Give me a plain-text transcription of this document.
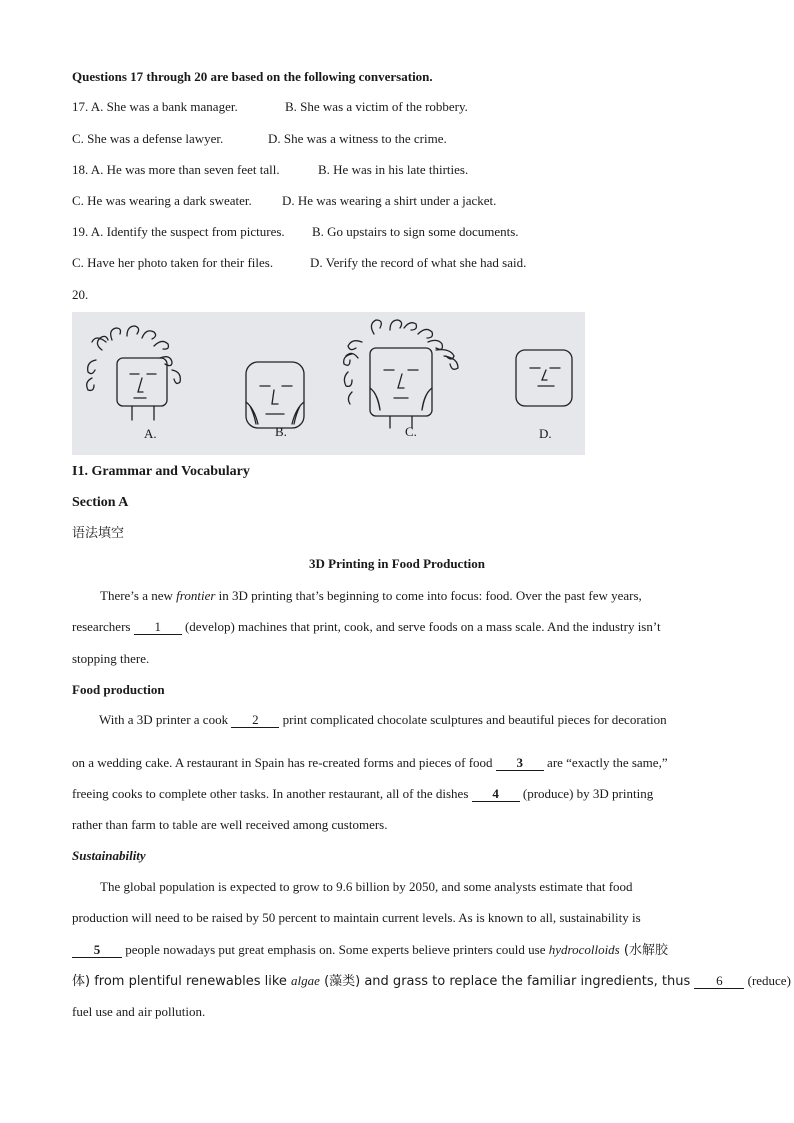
Questions 17 through 20 are based on the following conversation.
17. A. She was a bank manager.	B. She was a victim of the robbery.
C. She was a defense lawyer.	D. She was a witness to the crime.
18. A. He was more than seven feet tall.	B. He was in his late thirties.
C. He was wearing a dark sweater. D. He was wearing a shirt under a jacket.
19. A. Identify the suspect from pictures. B. Go upstairs to sign some documents.
C. Have her photo taken for their files.	D. Verify the record of what she had said.
20.
A.	B.	C.	D.
I1. Grammar and Vocabulary
Section A
语法填空
3D Printing in Food Production
There’s a new frontier in 3D printing that’s beginning to come into focus: food. Over the past few years,
researchers 1 (develop) machines that print, cook, and serve foods on a mass scale. And the industry isn’t
stopping there.
Food production
With a 3D printer a cook 2 print complicated chocolate sculptures and beautiful pieces for decoration
on a wedding cake. A restaurant in Spain has re-created forms and pieces of food 3 are “exactly the same,”
freeing cooks to complete other tasks. In another restaurant, all of the dishes 4 (produce) by 3D printing
rather than farm to table are well received among customers.
Sustainability
The global population is expected to grow to 9.6 billion by 2050, and some analysts estimate that food
production will need to be raised by 50 percent to maintain current levels. As is known to all, sustainability is
5 people nowadays put great emphasis on. Some experts believe printers could use hydrocolloids (水解胶
体) from plentiful renewables like algae (藻类) and grass to replace the familiar ingredients, thus 6 (reduce)
fuel use and air pollution.
